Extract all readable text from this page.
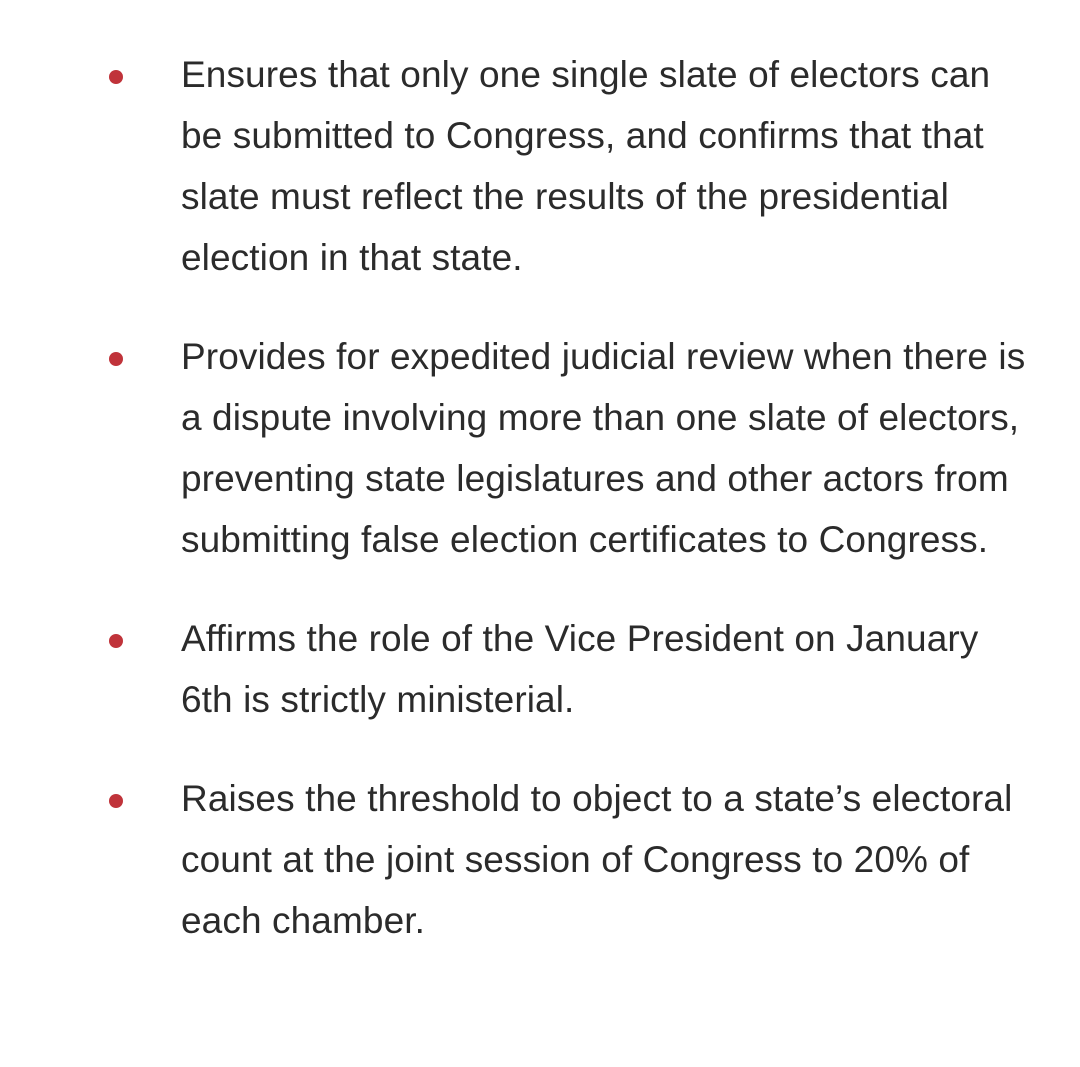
Ensures that only one single slate of electors can be submitted to Congress, and confirms that that slate must reflect the results of the presidential election in that state.
Provides for expedited judicial review when there is a dispute involving more than one slate of electors, preventing state legislatures and other actors from submitting false election certificates to Congress.
Affirms the role of the Vice President on January 6th is strictly ministerial.
Raises the threshold to object to a state’s electoral count at the joint session of Congress to 20% of each chamber.
